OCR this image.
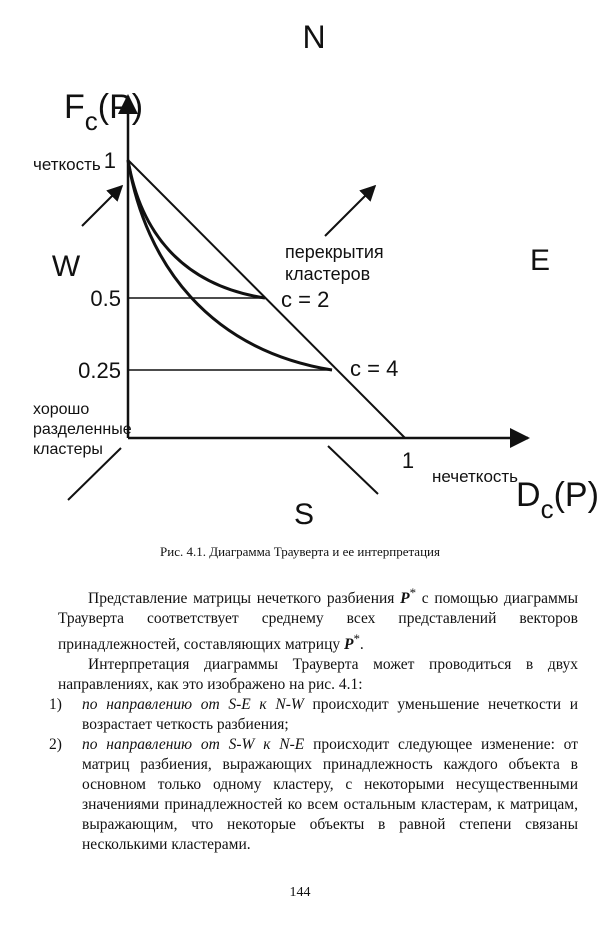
N
W	E
S
$F_c(P)$
$D_c(P)$
1
0.5
0.25
1
четкость
нечеткость
перекрытия
кластеров
хорошо
разделенные
кластеры
c = 2
c = 4
Рис. 4.1. Диаграмма Трауверта и ее интерпретация

Представление матрицы нечеткого разбиения P* с помощью диаграммы Трауверта соответствует среднему всех представлений векторов принадлежностей, составляющих матрицу P*.

Интерпретация диаграммы Трауверта может проводиться в двух направлениях, как это изображено на рис. 4.1:

1) по направлению от S-E к N-W происходит уменьшение нечеткости и возрастает четкость разбиения;

2) по направлению от S-W к N-E происходит следующее изменение: от матриц разбиения, выражающих принадлежность каждого объекта в основном только одному кластеру, с некоторыми несущественными значениями принадлежностей ко всем остальным кластерам, к матрицам, выражающим, что некоторые объекты в равной степени связаны несколькими кластерами.

144
